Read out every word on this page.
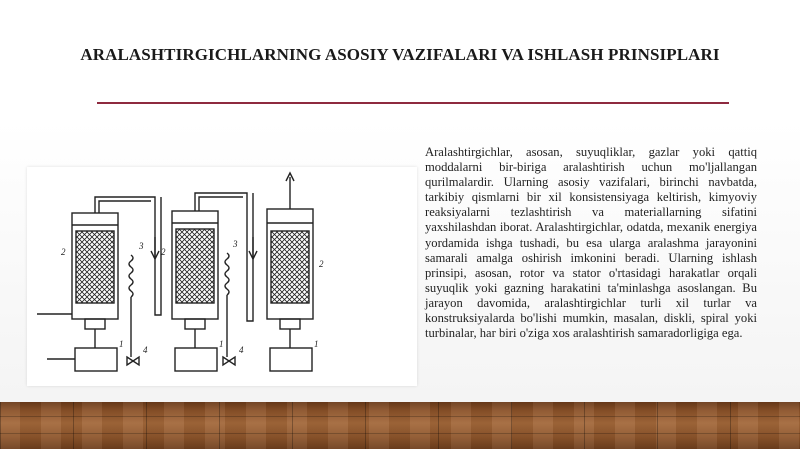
ARALASHTIRGICHLARNING ASOSIY VAZIFALARI VA ISHLASH PRINSIPLARI
1	1	1
2	2
2
3	3
4	4

Aralashtirgichlar, asosan, suyuqliklar, gazlar yoki qattiq moddalarni bir-biriga aralashtirish uchun mo'ljallangan qurilmalardir. Ularning asosiy vazifalari, birinchi navbatda, tarkibiy qismlarni bir xil konsistensiyaga keltirish, kimyoviy reaksiyalarni tezlashtirish va materiallarning sifatini yaxshilashdan iborat. Aralashtirgichlar, odatda, mexanik energiya yordamida ishga tushadi, bu esa ularga aralashma jarayonini samarali amalga oshirish imkonini beradi. Ularning ishlash prinsipi, asosan, rotor va stator o'rtasidagi harakatlar orqali suyuqlik yoki gazning harakatini ta'minlashga asoslangan. Bu jarayon davomida, aralashtirgichlar turli xil turlar va konstruksiyalarda bo'lishi mumkin, masalan, diskli, spiral yoki turbinalar, har biri o'ziga xos aralashtirish samaradorligiga ega.
